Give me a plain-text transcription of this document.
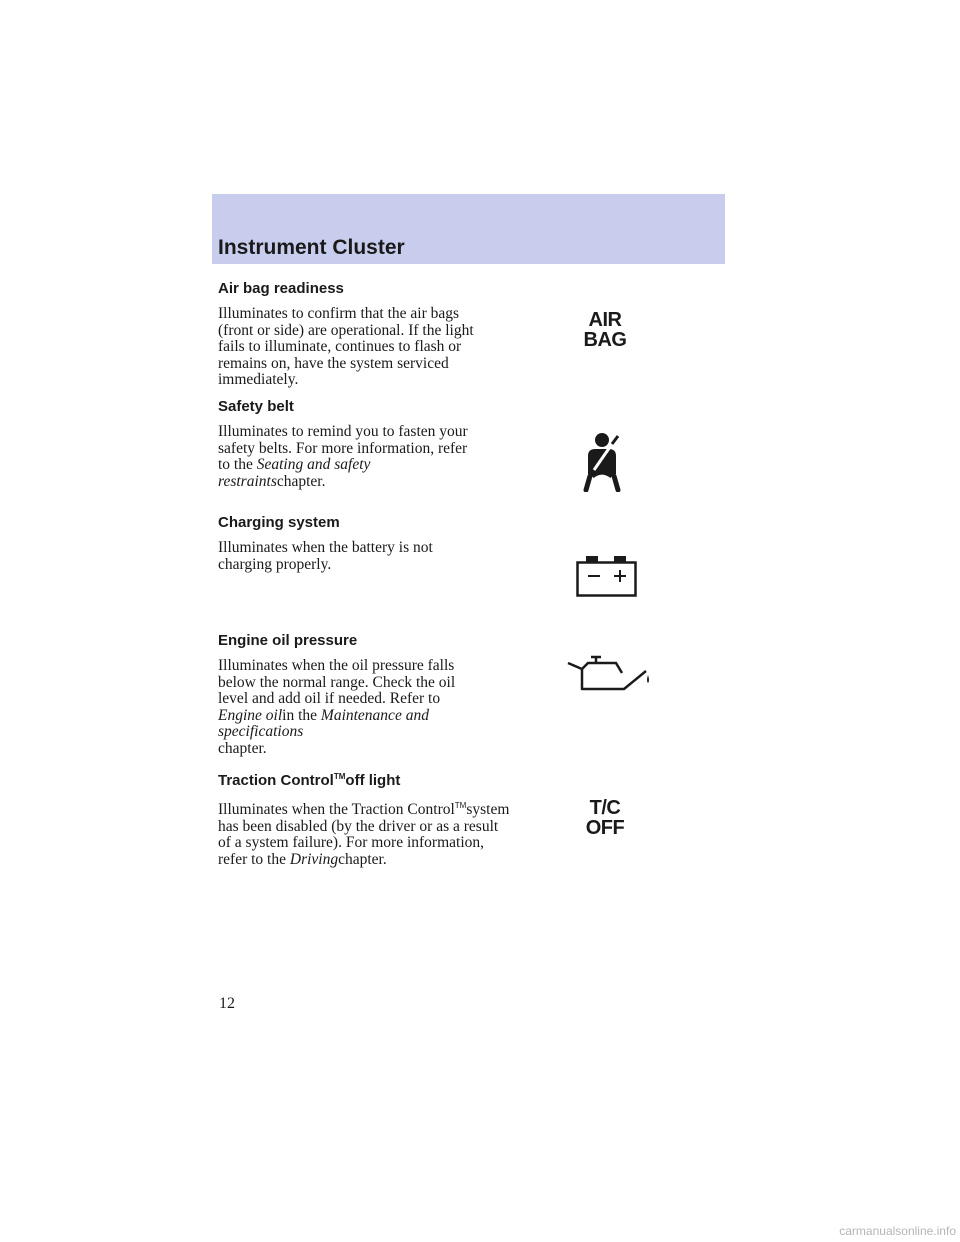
Instrument Cluster
Air bag readiness

Illuminates to confirm that the air bags (front or side) are operational. If the light fails to illuminate, continues to flash or remains on, have the system serviced immediately.

AIR
BAG
Safety belt

Illuminates to remind you to fasten your safety belts. For more information, refer to the Seating and safety restraintschapter.

Charging system

Illuminates when the battery is not charging properly.

Engine oil pressure

Illuminates when the oil pressure falls below the normal range. Check the oil level and add oil if needed. Refer to Engine oilin the Maintenance and specifications
chapter.

Traction Control™off light

Illuminates when the Traction Control™system has been disabled (by the driver or as a result of a system failure). For more information, refer to the Drivingchapter.

T/C
OFF
12
carmanualsonline.info
